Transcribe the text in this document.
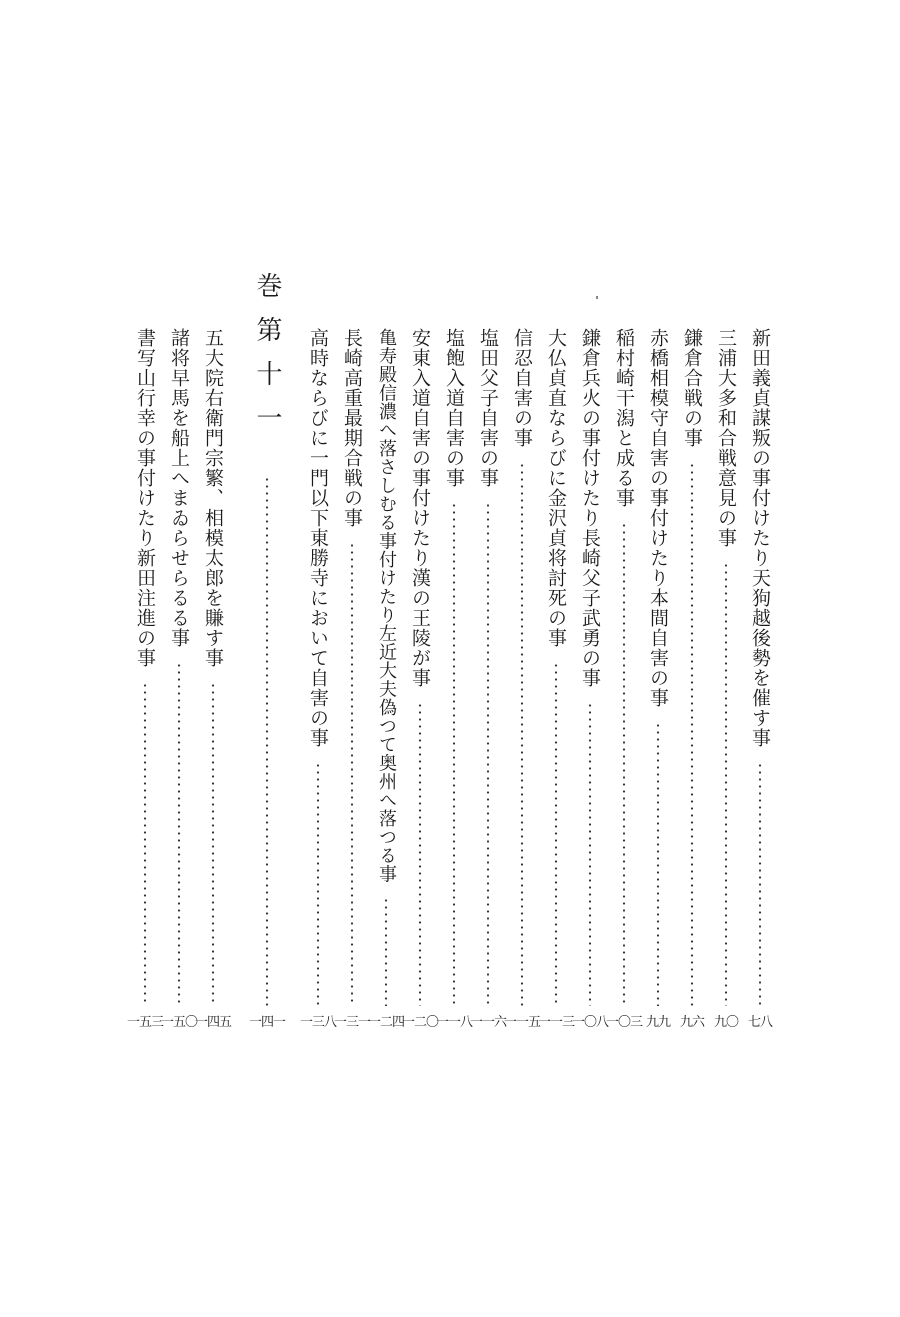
新田義貞謀叛の事付けたり天狗越後勢を催す事
七八
三浦大多和合戦意見の事
九〇
鎌倉合戦の事
九六
赤橋相模守自害の事付けたり本間自害の事
九九
稲村崎干潟と成る事
一〇三
鎌倉兵火の事付けたり長崎父子武勇の事
一〇八
大仏貞直ならびに金沢貞将討死の事
一一三
信忍自害の事
一一五
塩田父子自害の事
一一六
塩飽入道自害の事
一一八
安東入道自害の事付けたり漢の王陵が事
一二〇
亀寿殿信濃へ落さしむる事付けたり左近大夫偽つて奥州へ落つる事
一二四
長崎高重最期合戦の事
一三一
高時ならびに一門以下東勝寺において自害の事
一三八
巻第十一
一四一
五大院右衛門宗繁、相模太郎を賺す事
一四五
諸将早馬を船上へまゐらせらるる事
一五〇
書写山行幸の事付けたり新田注進の事
一五三
